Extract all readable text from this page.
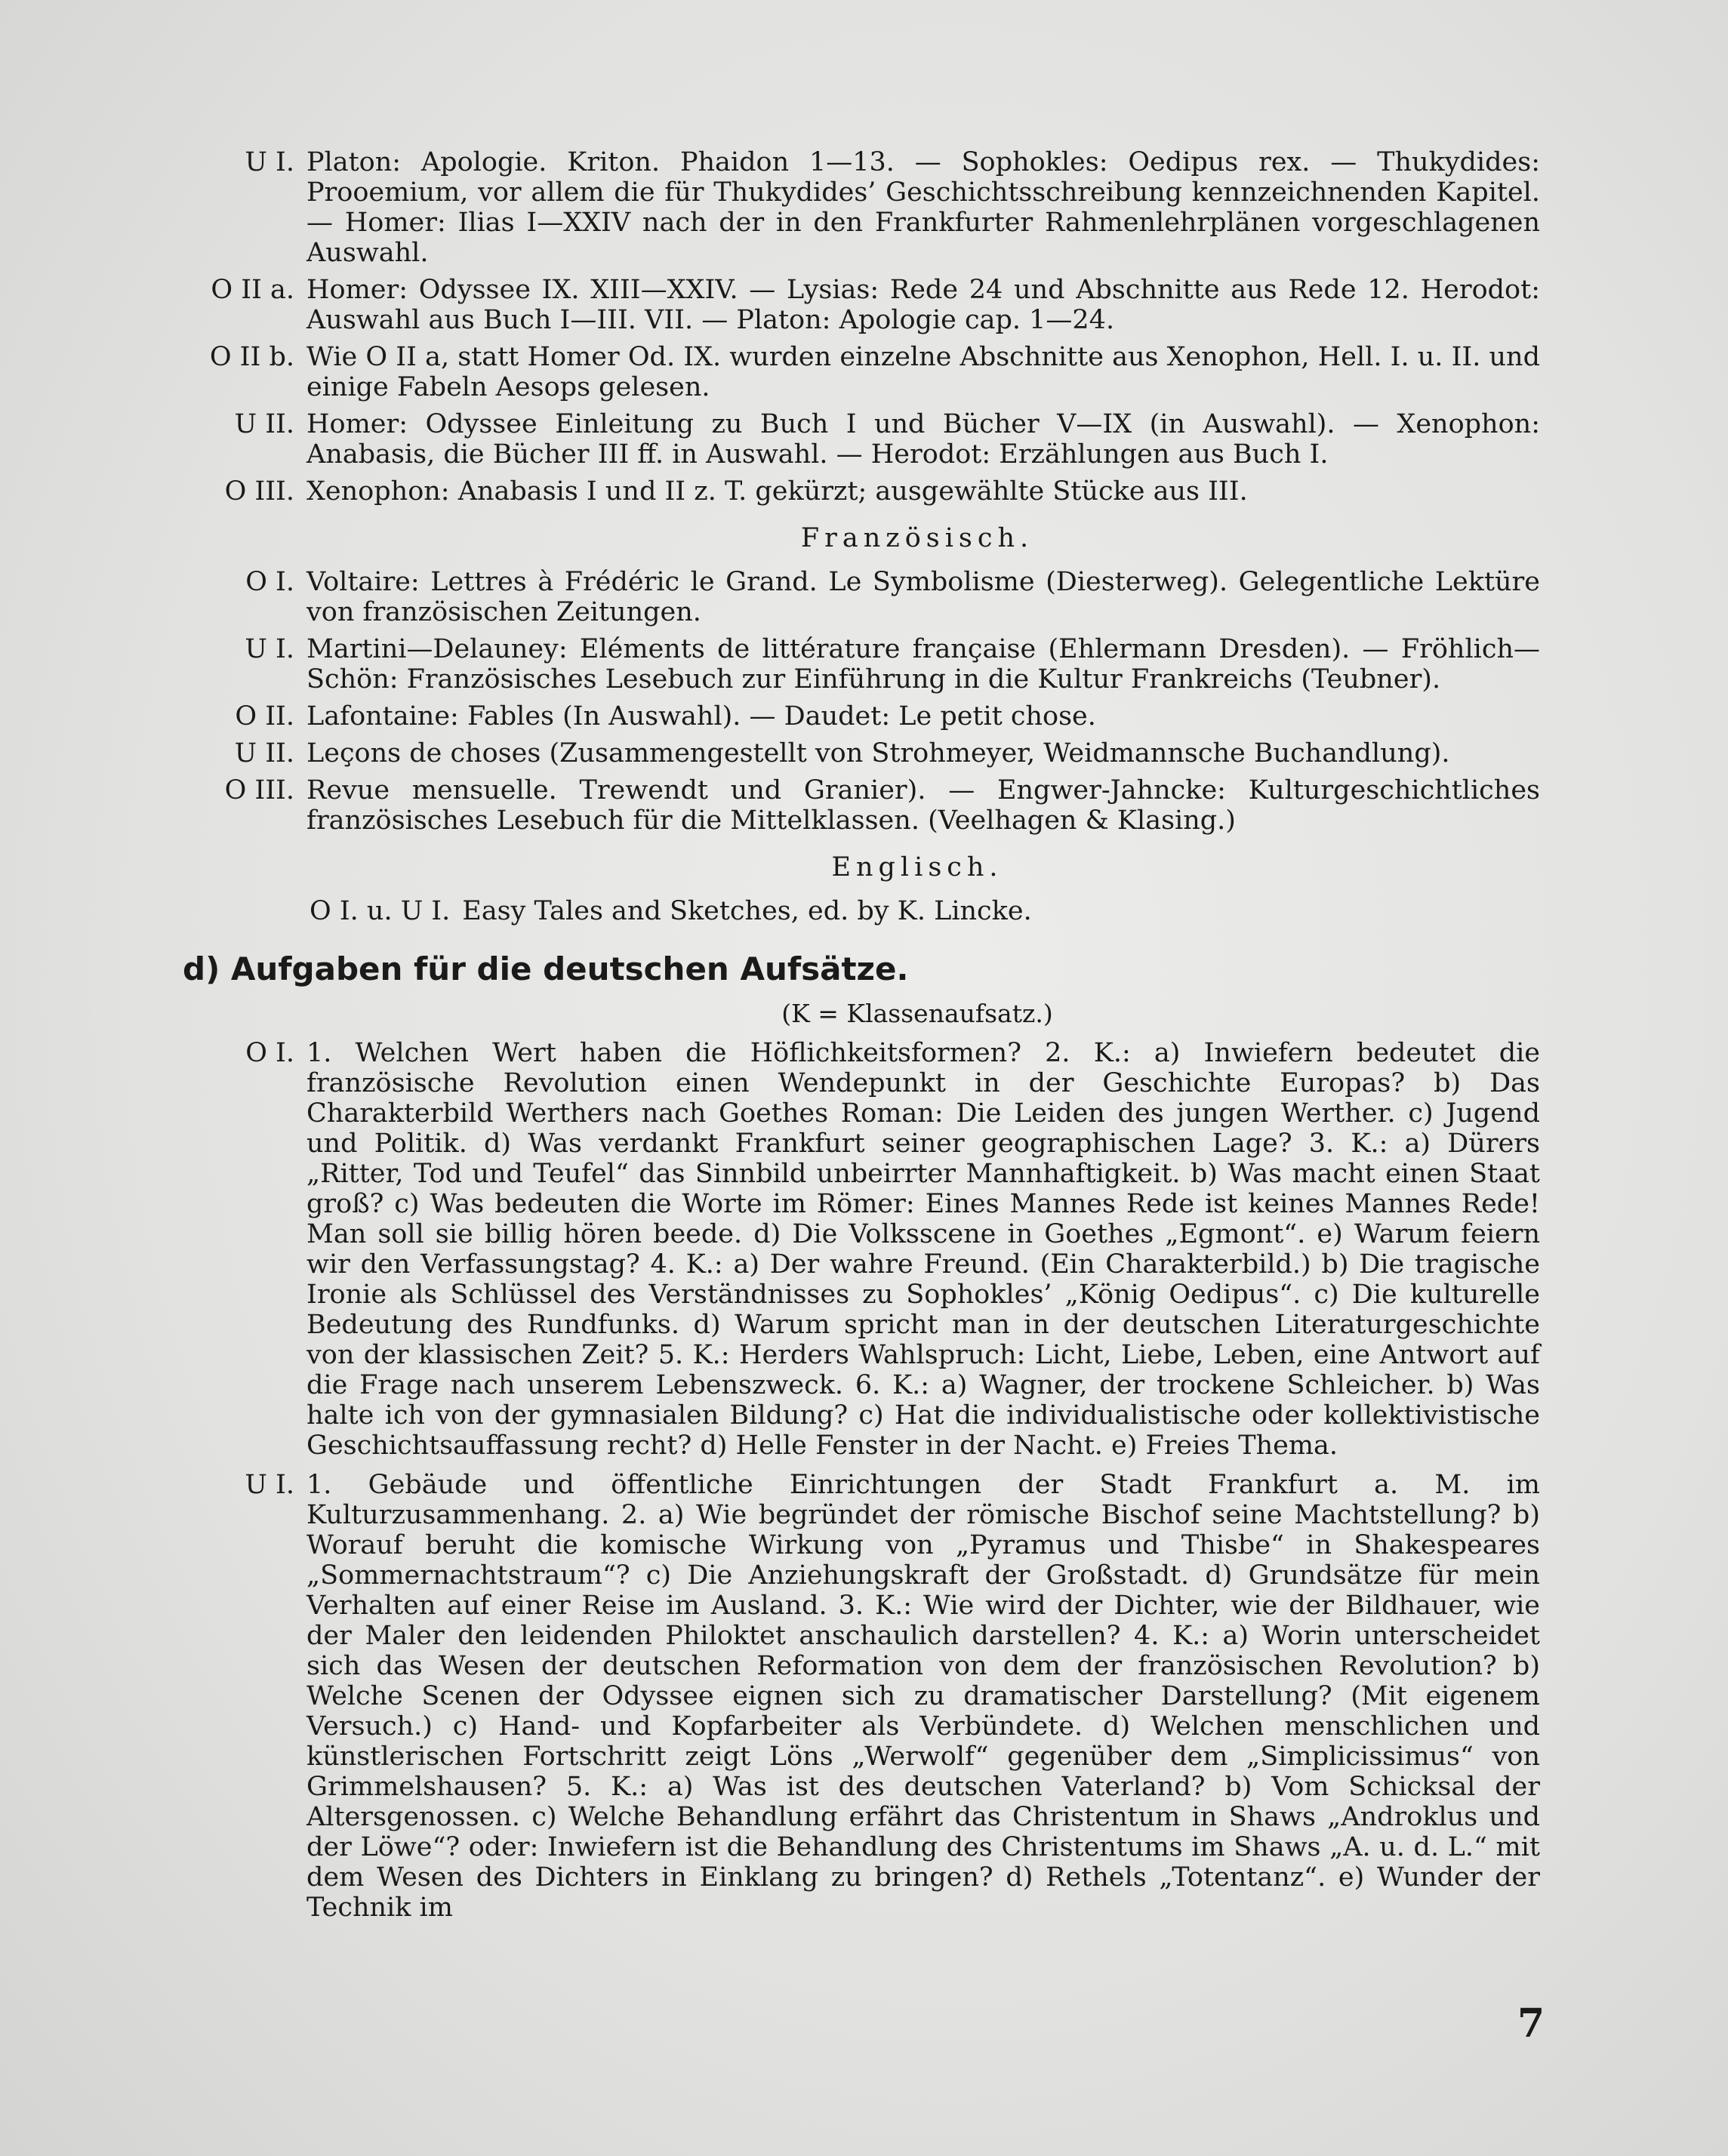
U I. Platon: Apologie. Kriton. Phaidon 1—13. — Sophokles: Oedipus rex. — Thukydides: Prooemium, vor allem die für Thukydides’ Geschichtsschreibung kennzeichnenden Kapitel. — Homer: Ilias I—XXIV nach der in den Frankfurter Rahmenlehrplänen vorgeschlagenen Auswahl.
O II a. Homer: Odyssee IX. XIII—XXIV. — Lysias: Rede 24 und Abschnitte aus Rede 12. Herodot: Auswahl aus Buch I—III. VII. — Platon: Apologie cap. 1—24.
O II b. Wie O II a, statt Homer Od. IX. wurden einzelne Abschnitte aus Xenophon, Hell. I. u. II. und einige Fabeln Aesops gelesen.
U II. Homer: Odyssee Einleitung zu Buch I und Bücher V—IX (in Auswahl). — Xenophon: Anabasis, die Bücher III ff. in Auswahl. — Herodot: Erzählungen aus Buch I.
O III. Xenophon: Anabasis I und II z. T. gekürzt; ausgewählte Stücke aus III.
Französisch.
O I. Voltaire: Lettres à Frédéric le Grand. Le Symbolisme (Diesterweg). Gelegentliche Lektüre von französischen Zeitungen.
U I. Martini—Delauney: Eléments de littérature française (Ehlermann Dresden). — Fröhlich—Schön: Französisches Lesebuch zur Einführung in die Kultur Frankreichs (Teubner).
O II. Lafontaine: Fables (In Auswahl). — Daudet: Le petit chose.
U II. Leçons de choses (Zusammengestellt von Strohmeyer, Weidmannsche Buchandlung).
O III. Revue mensuelle. Trewendt und Granier). — Engwer-Jahncke: Kulturgeschichtliches französisches Lesebuch für die Mittelklassen. (Veelhagen & Klasing.)
Englisch.
O I. u. U I. Easy Tales and Sketches, ed. by K. Lincke.
d) Aufgaben für die deutschen Aufsätze.
(K = Klassenaufsatz.)
O I. 1. Welchen Wert haben die Höflichkeitsformen? 2. K.: a) Inwiefern bedeutet die französische Revolution einen Wendepunkt in der Geschichte Europas? b) Das Charakterbild Werthers nach Goethes Roman: Die Leiden des jungen Werther. c) Jugend und Politik. d) Was verdankt Frankfurt seiner geographischen Lage? 3. K.: a) Dürers „Ritter, Tod und Teufel“ das Sinnbild unbeirrter Mannhaftigkeit. b) Was macht einen Staat groß? c) Was bedeuten die Worte im Römer: Eines Mannes Rede ist keines Mannes Rede! Man soll sie billig hören beede. d) Die Volksscene in Goethes „Egmont“. e) Warum feiern wir den Verfassungstag? 4. K.: a) Der wahre Freund. (Ein Charakterbild.) b) Die tragische Ironie als Schlüssel des Verständnisses zu Sophokles’ „König Oedipus“. c) Die kulturelle Bedeutung des Rundfunks. d) Warum spricht man in der deutschen Literaturgeschichte von der klassischen Zeit? 5. K.: Herders Wahlspruch: Licht, Liebe, Leben, eine Antwort auf die Frage nach unserem Lebenszweck. 6. K.: a) Wagner, der trockene Schleicher. b) Was halte ich von der gymnasialen Bildung? c) Hat die individualistische oder kollektivistische Geschichtsauffassung recht? d) Helle Fenster in der Nacht. e) Freies Thema.
U I. 1. Gebäude und öffentliche Einrichtungen der Stadt Frankfurt a. M. im Kulturzusammenhang. 2. a) Wie begründet der römische Bischof seine Machtstellung? b) Worauf beruht die komische Wirkung von „Pyramus und Thisbe“ in Shakespeares „Sommernachtstraum“? c) Die Anziehungskraft der Großstadt. d) Grundsätze für mein Verhalten auf einer Reise im Ausland. 3. K.: Wie wird der Dichter, wie der Bildhauer, wie der Maler den leidenden Philoktet anschaulich darstellen? 4. K.: a) Worin unterscheidet sich das Wesen der deutschen Reformation von dem der französischen Revolution? b) Welche Scenen der Odyssee eignen sich zu dramatischer Darstellung? (Mit eigenem Versuch.) c) Hand- und Kopfarbeiter als Verbündete. d) Welchen menschlichen und künstlerischen Fortschritt zeigt Löns „Werwolf“ gegenüber dem „Simplicissimus“ von Grimmelshausen? 5. K.: a) Was ist des deutschen Vaterland? b) Vom Schicksal der Altersgenossen. c) Welche Behandlung erfährt das Christentum in Shaws „Androklus und der Löwe“? oder: Inwiefern ist die Behandlung des Christentums im Shaws „A. u. d. L.“ mit dem Wesen des Dichters in Einklang zu bringen? d) Rethels „Totentanz“. e) Wunder der Technik im
7
